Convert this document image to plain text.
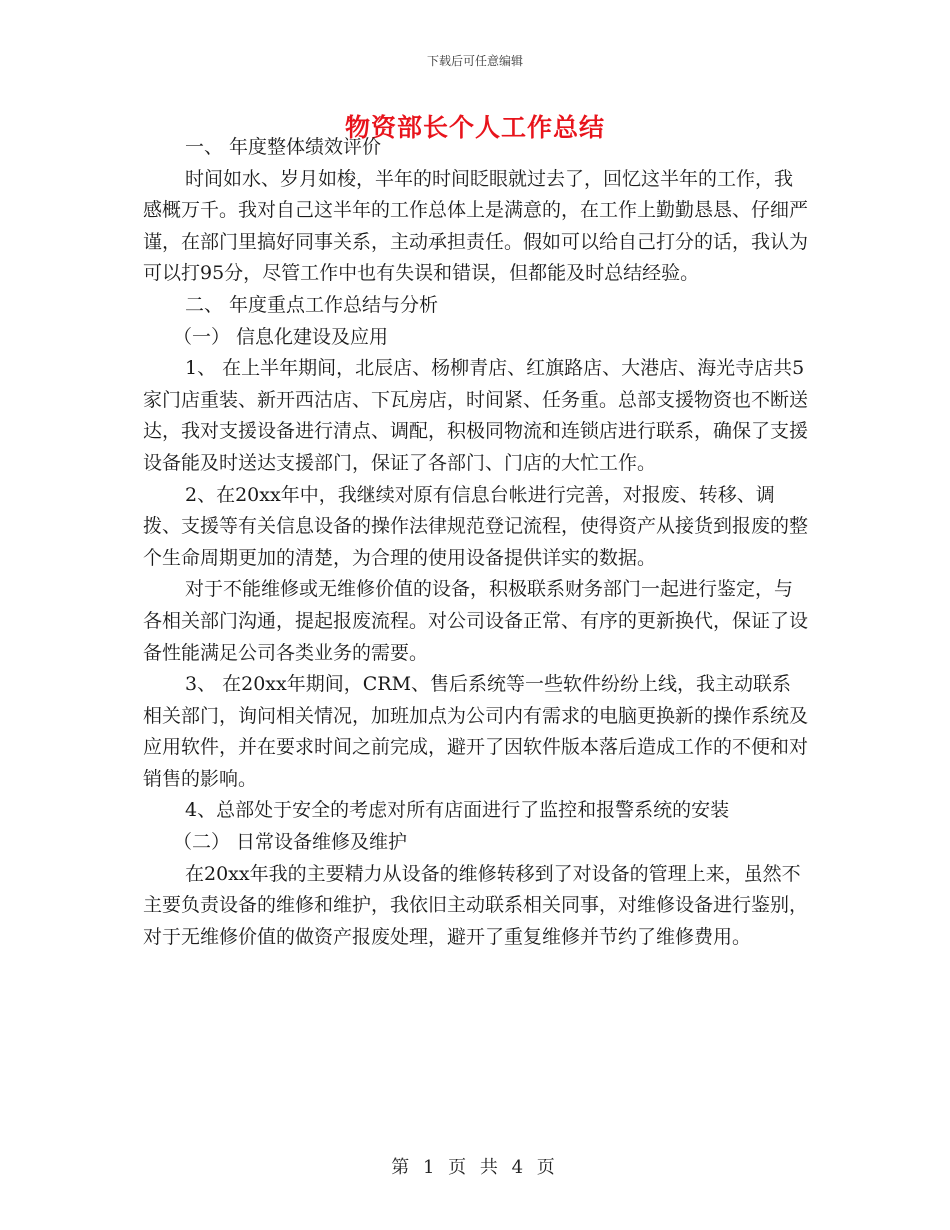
下载后可任意编辑
物资部长个人工作总结

一、 年度整体绩效评价

时间如水、岁月如梭，半年的时间眨眼就过去了，回忆这半年的工作，我感概万千。我对自己这半年的工作总体上是满意的，在工作上勤勤恳恳、仔细严谨，在部门里搞好同事关系，主动承担责任。假如可以给自己打分的话，我认为可以打95分，尽管工作中也有失误和错误，但都能及时总结经验。

二、 年度重点工作总结与分析

（一） 信息化建设及应用

1、 在上半年期间，北辰店、杨柳青店、红旗路店、大港店、海光寺店共5家门店重装、新开西沽店、下瓦房店，时间紧、任务重。总部支援物资也不断送达，我对支援设备进行清点、调配，积极同物流和连锁店进行联系，确保了支援设备能及时送达支援部门，保证了各部门、门店的大忙工作。

2、在20xx年中，我继续对原有信息台帐进行完善，对报废、转移、调拨、支援等有关信息设备的操作法律规范登记流程，使得资产从接货到报废的整个生命周期更加的清楚，为合理的使用设备提供详实的数据。

对于不能维修或无维修价值的设备，积极联系财务部门一起进行鉴定，与各相关部门沟通，提起报废流程。对公司设备正常、有序的更新换代，保证了设备性能满足公司各类业务的需要。

3、 在20xx年期间，CRM、售后系统等一些软件纷纷上线，我主动联系相关部门，询问相关情况，加班加点为公司内有需求的电脑更换新的操作系统及应用软件，并在要求时间之前完成，避开了因软件版本落后造成工作的不便和对销售的影响。

4、总部处于安全的考虑对所有店面进行了监控和报警系统的安装

（二） 日常设备维修及维护

在20xx年我的主要精力从设备的维修转移到了对设备的管理上来，虽然不主要负责设备的维修和维护，我依旧主动联系相关同事，对维修设备进行鉴别，对于无维修价值的做资产报废处理，避开了重复维修并节约了维修费用。

第 1 页 共 4 页
